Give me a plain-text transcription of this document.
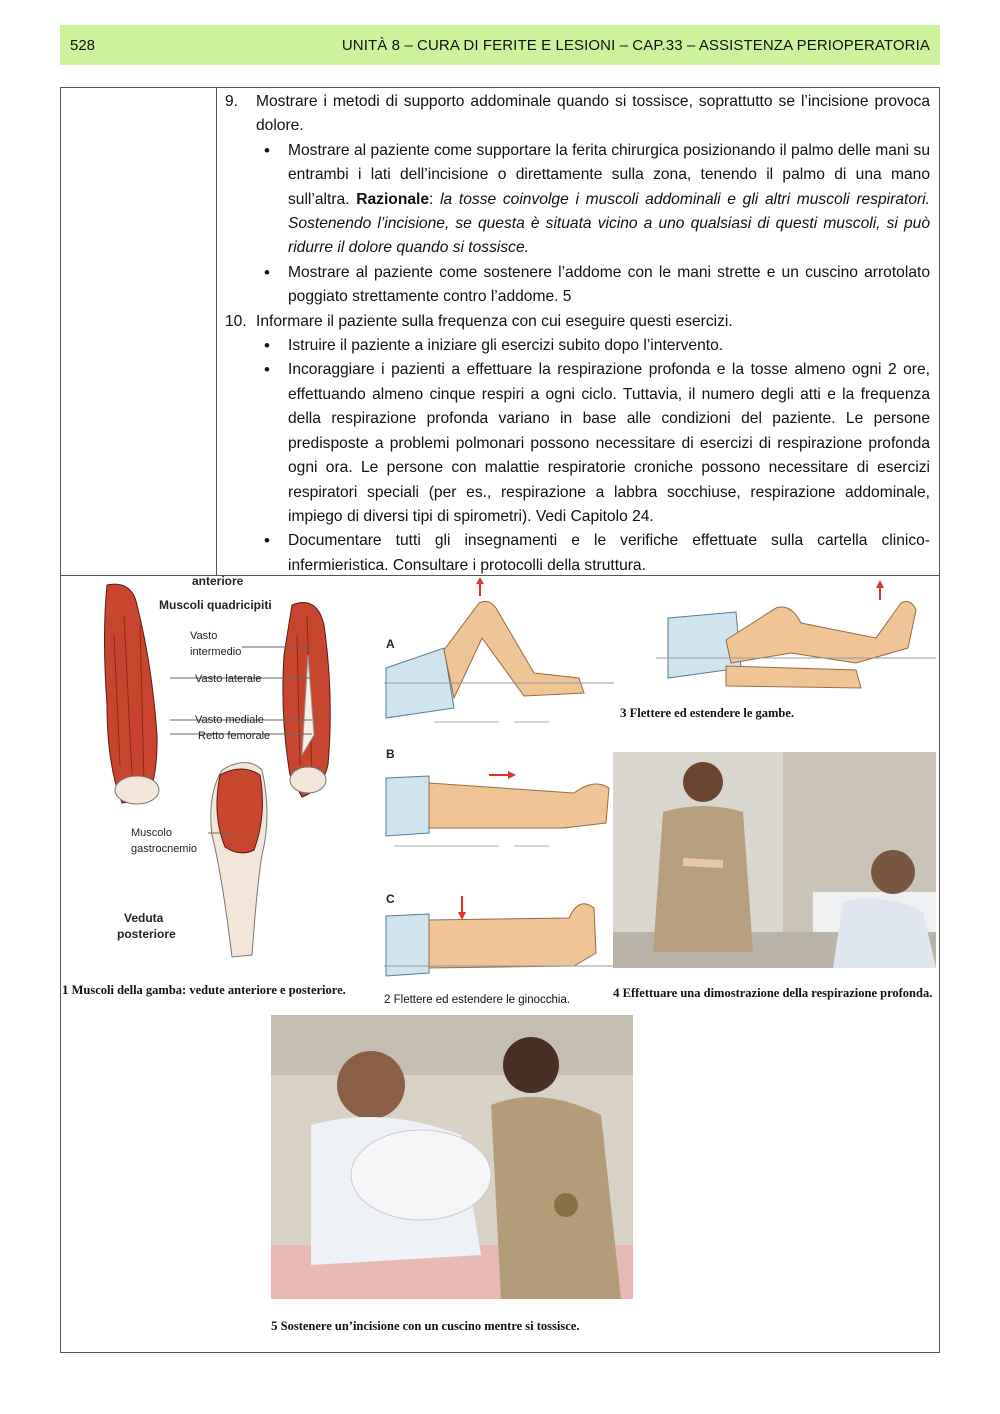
528	UNITÀ 8 – CURA DI FERITE E LESIONI – CAP.33 – ASSISTENZA PERIOPERATORIA
9. Mostrare i metodi di supporto addominale quando si tossisce, soprattutto se l’incisione provoca dolore.
• Mostrare al paziente come supportare la ferita chirurgica posizionando il palmo delle mani su entrambi i lati dell’incisione o direttamente sulla zona, tenendo il palmo di una mano sull’altra. Razionale: la tosse coinvolge i muscoli addominali e gli altri muscoli respiratori. Sostenendo l’incisione, se questa è situata vicino a uno qualsiasi di questi muscoli, si può ridurre il dolore quando si tossisce.
• Mostrare al paziente come sostenere l’addome con le mani strette e un cuscino arrotolato poggiato strettamente contro l’addome. 5
10. Informare il paziente sulla frequenza con cui eseguire questi esercizi.
• Istruire il paziente a iniziare gli esercizi subito dopo l’intervento.
• Incoraggiare i pazienti a effettuare la respirazione profonda e la tosse almeno ogni 2 ore, effettuando almeno cinque respiri a ogni ciclo. Tuttavia, il numero degli atti e la frequenza della respirazione profonda variano in base alle condizioni del paziente. Le persone predisposte a problemi polmonari possono necessitare di esercizi di respirazione profonda ogni ora. Le persone con malattie respiratorie croniche possono necessitare di esercizi respiratori speciali (per es., respirazione a labbra socchiuse, respirazione addominale, impiego di diversi tipi di spirometri). Vedi Capitolo 24.
• Documentare tutti gli insegnamenti e le verifiche effettuate sulla cartella clinico-infermieristica. Consultare i protocolli della struttura.
anteriore
Muscoli quadricipiti
Vasto
intermedio
Vasto laterale
Vasto mediale
Retto femorale
Muscolo
gastrocnemio
Veduta
posteriore
1 Muscoli della gamba: vedute anteriore e posteriore.
A
B
C
2 Flettere ed estendere le ginocchia.
3 Flettere ed estendere le gambe.
4 Effettuare una dimostrazione della respirazione profonda.
5 Sostenere un’incisione con un cuscino mentre si tossisce.
